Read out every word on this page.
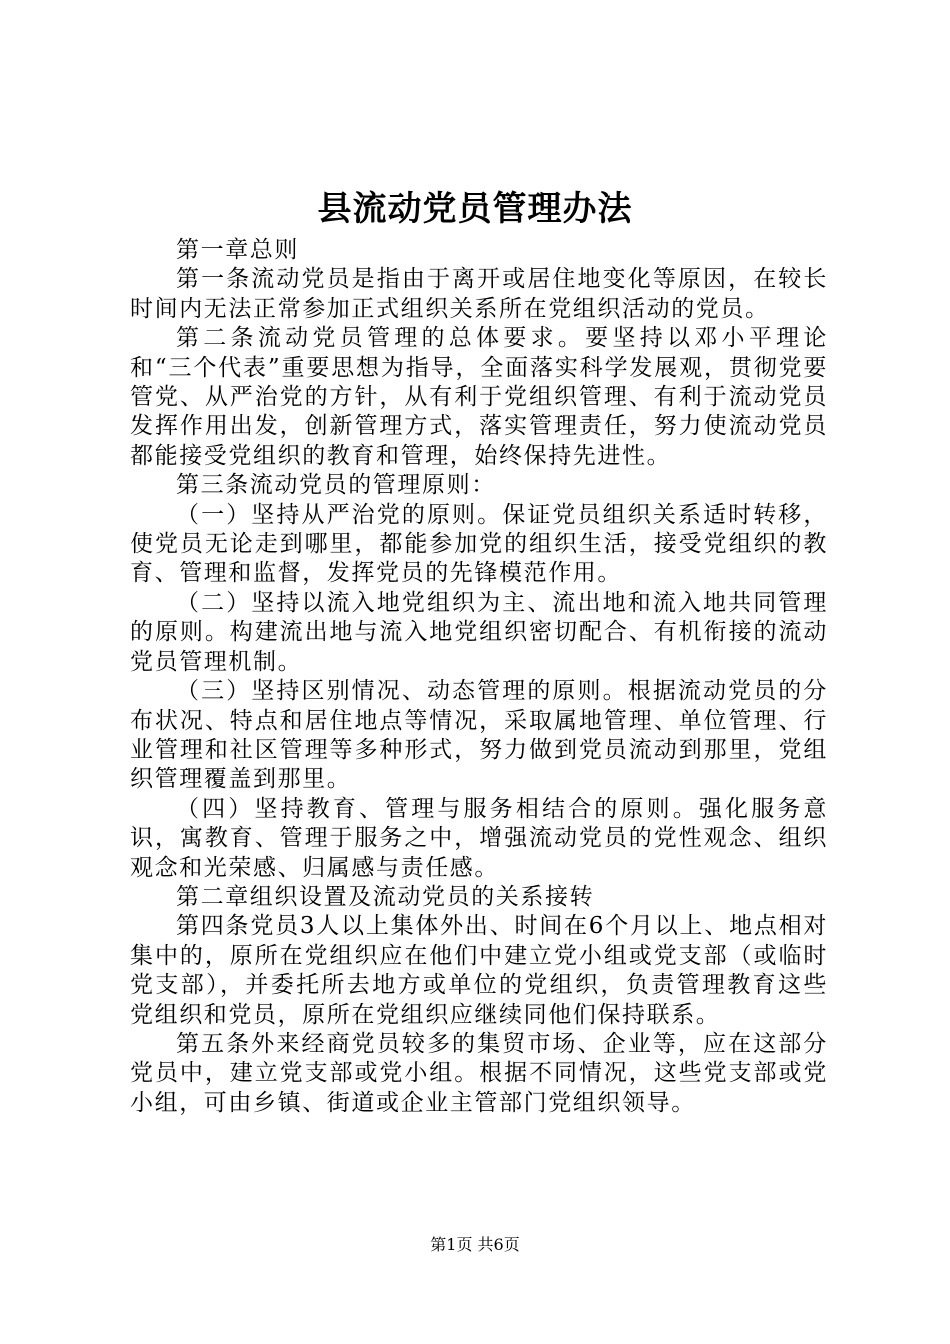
县流动党员管理办法

第一章总则

第一条流动党员是指由于离开或居住地变化等原因，在较长时间内无法正常参加正式组织关系所在党组织活动的党员。

第二条流动党员管理的总体要求。要坚持以邓小平理论和“三个代表”重要思想为指导，全面落实科学发展观，贯彻党要管党、从严治党的方针，从有利于党组织管理、有利于流动党员发挥作用出发，创新管理方式，落实管理责任，努力使流动党员都能接受党组织的教育和管理，始终保持先进性。

第三条流动党员的管理原则：

（一）坚持从严治党的原则。保证党员组织关系适时转移，使党员无论走到哪里，都能参加党的组织生活，接受党组织的教育、管理和监督，发挥党员的先锋模范作用。

（二）坚持以流入地党组织为主、流出地和流入地共同管理的原则。构建流出地与流入地党组织密切配合、有机衔接的流动党员管理机制。

（三）坚持区别情况、动态管理的原则。根据流动党员的分布状况、特点和居住地点等情况，采取属地管理、单位管理、行业管理和社区管理等多种形式，努力做到党员流动到那里，党组织管理覆盖到那里。

（四）坚持教育、管理与服务相结合的原则。强化服务意识，寓教育、管理于服务之中，增强流动党员的党性观念、组织观念和光荣感、归属感与责任感。

第二章组织设置及流动党员的关系接转

第四条党员3人以上集体外出、时间在6个月以上、地点相对集中的，原所在党组织应在他们中建立党小组或党支部（或临时党支部），并委托所去地方或单位的党组织，负责管理教育这些党组织和党员，原所在党组织应继续同他们保持联系。

第五条外来经商党员较多的集贸市场、企业等，应在这部分党员中，建立党支部或党小组。根据不同情况，这些党支部或党小组，可由乡镇、街道或企业主管部门党组织领导。

第1页 共6页
